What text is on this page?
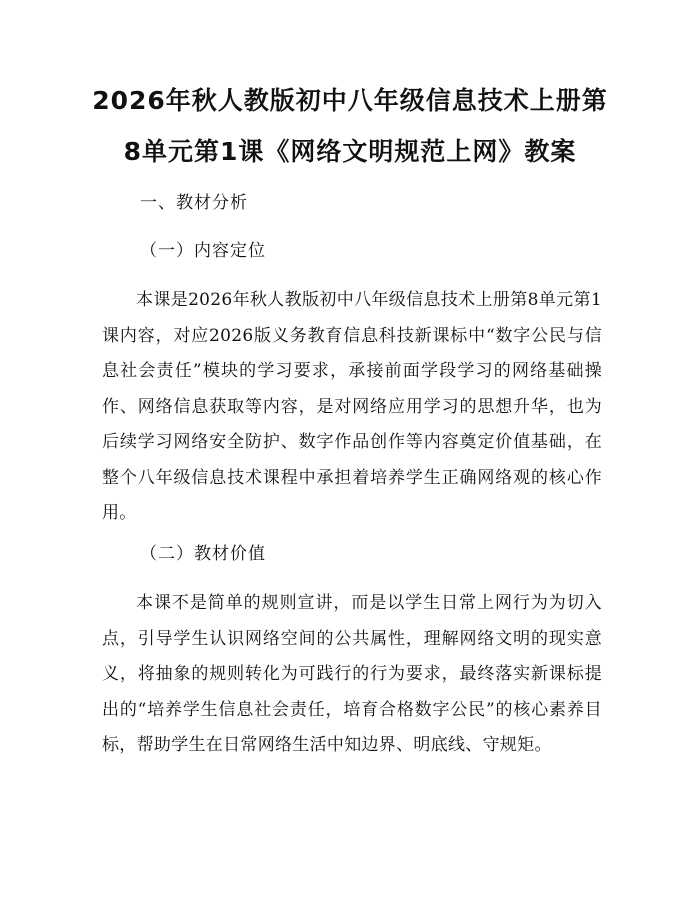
2026年秋人教版初中八年级信息技术上册第
8单元第1课《网络文明规范上网》教案
一、教材分析
（一）内容定位

本课是2026年秋人教版初中八年级信息技术上册第8单元第1课内容，对应2026版义务教育信息科技新课标中“数字公民与信息社会责任”模块的学习要求，承接前面学段学习的网络基础操作、网络信息获取等内容，是对网络应用学习的思想升华，也为后续学习网络安全防护、数字作品创作等内容奠定价值基础，在整个八年级信息技术课程中承担着培养学生正确网络观的核心作用。

（二）教材价值

本课不是简单的规则宣讲，而是以学生日常上网行为为切入点，引导学生认识网络空间的公共属性，理解网络文明的现实意义，将抽象的规则转化为可践行的行为要求，最终落实新课标提出的“培养学生信息社会责任，培育合格数字公民”的核心素养目标，帮助学生在日常网络生活中知边界、明底线、守规矩。
